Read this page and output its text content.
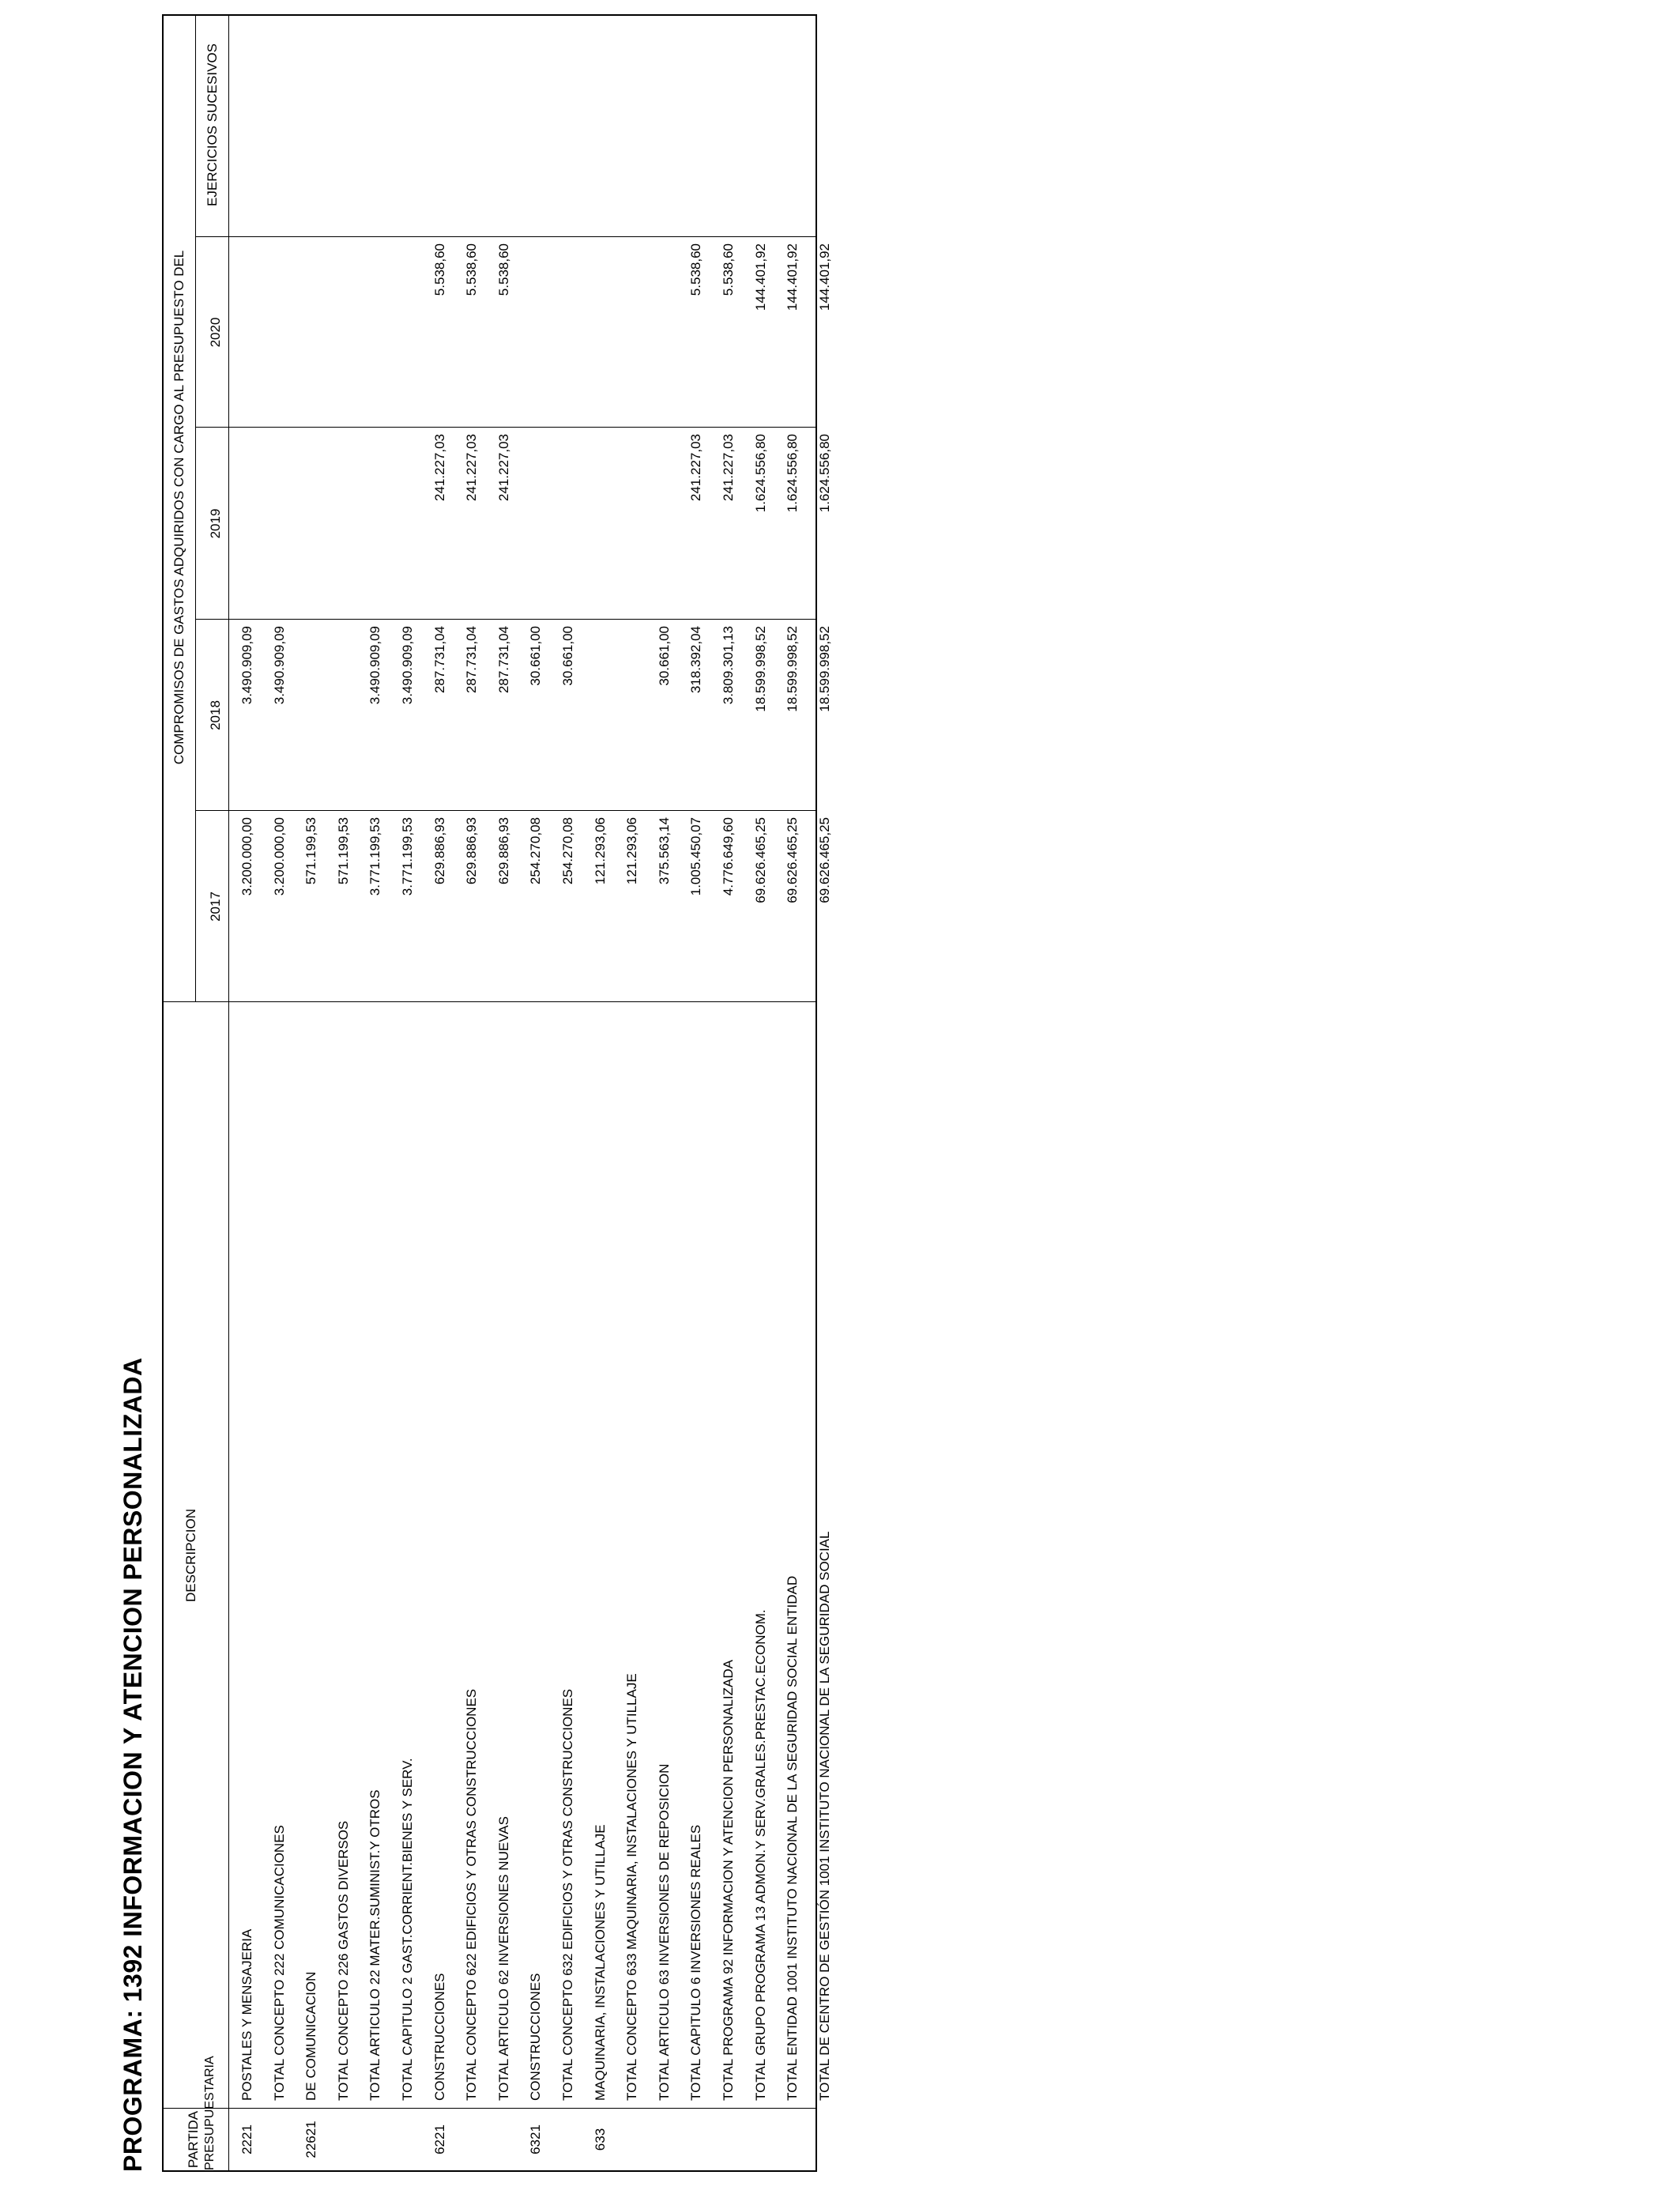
PROGRAMA: 1392 INFORMACION Y ATENCION PERSONALIZADA	PARTIDA PRESUPUESTARIA
DESCRIPCION
COMPROMISOS DE GASTOS ADQUIRIDOS CON CARGO AL PRESUPUESTO DEL
2017
2018
2019
2020
EJERCICIOS SUCESIVOS
2221
POSTALES Y MENSAJERIA
3.200.000,00
3.490.909,09
TOTAL CONCEPTO 222 COMUNICACIONES
3.200.000,00
3.490.909,09
22621
DE COMUNICACION
571.199,53
TOTAL CONCEPTO 226 GASTOS DIVERSOS
571.199,53
TOTAL ARTICULO 22 MATER.SUMINIST.Y OTROS
3.771.199,53
3.490.909,09
TOTAL CAPITULO 2 GAST.CORRIENT.BIENES Y SERV.
3.771.199,53
3.490.909,09
6221
CONSTRUCCIONES
629.886,93
287.731,04
241.227,03
5.538,60
TOTAL CONCEPTO 622 EDIFICIOS Y OTRAS CONSTRUCCIONES
629.886,93
287.731,04
241.227,03
5.538,60
TOTAL ARTICULO 62 INVERSIONES NUEVAS
629.886,93
287.731,04
241.227,03
5.538,60
6321
CONSTRUCCIONES
254.270,08
30.661,00
TOTAL CONCEPTO 632 EDIFICIOS Y OTRAS CONSTRUCCIONES
254.270,08
30.661,00
633
MAQUINARIA, INSTALACIONES Y UTILLAJE
121.293,06
TOTAL CONCEPTO 633 MAQUINARIA, INSTALACIONES Y UTILLAJE
121.293,06
TOTAL ARTICULO 63 INVERSIONES DE REPOSICION
375.563,14
30.661,00
TOTAL CAPITULO 6 INVERSIONES REALES
1.005.450,07
318.392,04
241.227,03
5.538,60
TOTAL PROGRAMA 92 INFORMACION Y ATENCION PERSONALIZADA
4.776.649,60
3.809.301,13
241.227,03
5.538,60
TOTAL GRUPO PROGRAMA 13 ADMON.Y SERV.GRALES.PRESTAC.ECONOM.
69.626.465,25
18.599.998,52
1.624.556,80
144.401,92
TOTAL ENTIDAD 1001 INSTITUTO NACIONAL DE LA SEGURIDAD SOCIAL ENTIDAD
69.626.465,25
18.599.998,52
1.624.556,80
144.401,92
TOTAL DE CENTRO DE GESTIÓN 1001 INSTITUTO NACIONAL DE LA SEGURIDAD SOCIAL
69.626.465,25
18.599.998,52
1.624.556,80
144.401,92
